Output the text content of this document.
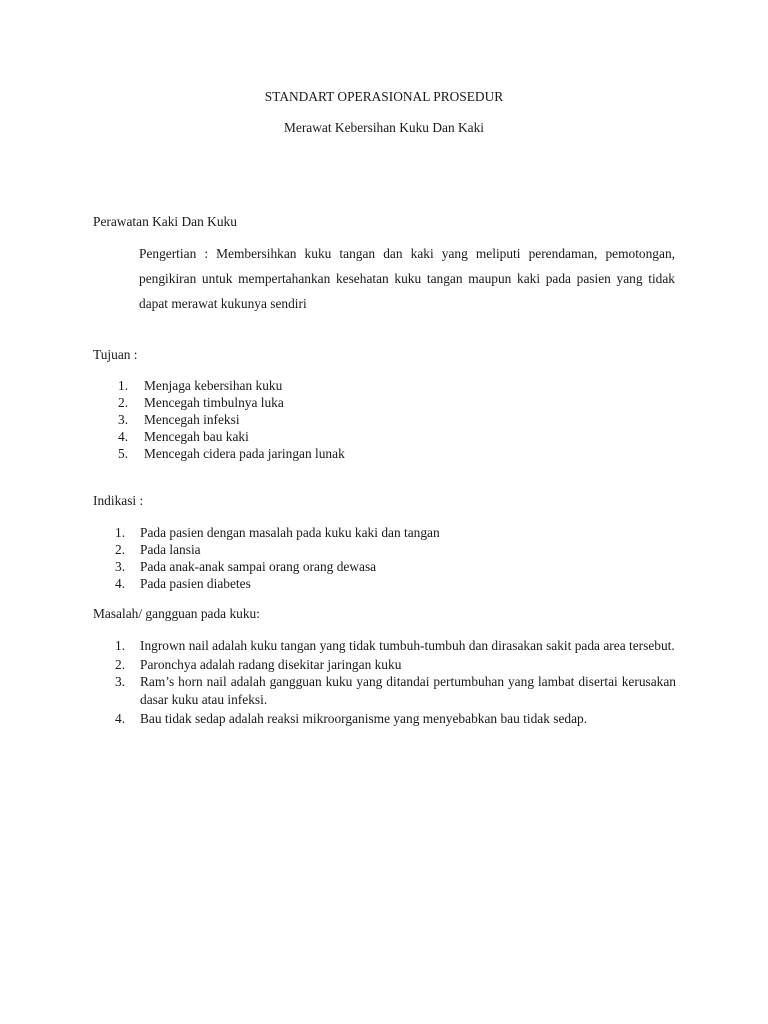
STANDART OPERASIONAL PROSEDUR
Merawat Kebersihan Kuku Dan Kaki
Perawatan Kaki Dan Kuku
Pengertian : Membersihkan kuku tangan dan kaki yang meliputi perendaman, pemotongan, pengikiran untuk mempertahankan kesehatan kuku tangan maupun kaki pada pasien yang tidak dapat merawat kukunya sendiri
Tujuan :
1. Menjaga kebersihan kuku
2. Mencegah timbulnya luka
3. Mencegah infeksi
4. Mencegah bau kaki
5. Mencegah cidera pada jaringan lunak
Indikasi :
1. Pada pasien dengan masalah pada kuku kaki dan tangan
2. Pada lansia
3. Pada anak-anak sampai orang orang dewasa
4. Pada pasien diabetes
Masalah/ gangguan pada kuku:
1. Ingrown nail adalah kuku tangan yang tidak tumbuh-tumbuh dan dirasakan sakit pada area tersebut.
2. Paronchya adalah radang disekitar jaringan kuku
3. Ram’s horn nail adalah gangguan kuku yang ditandai pertumbuhan yang lambat disertai kerusakan dasar kuku atau infeksi.
4. Bau tidak sedap adalah reaksi mikroorganisme yang menyebabkan bau tidak sedap.
